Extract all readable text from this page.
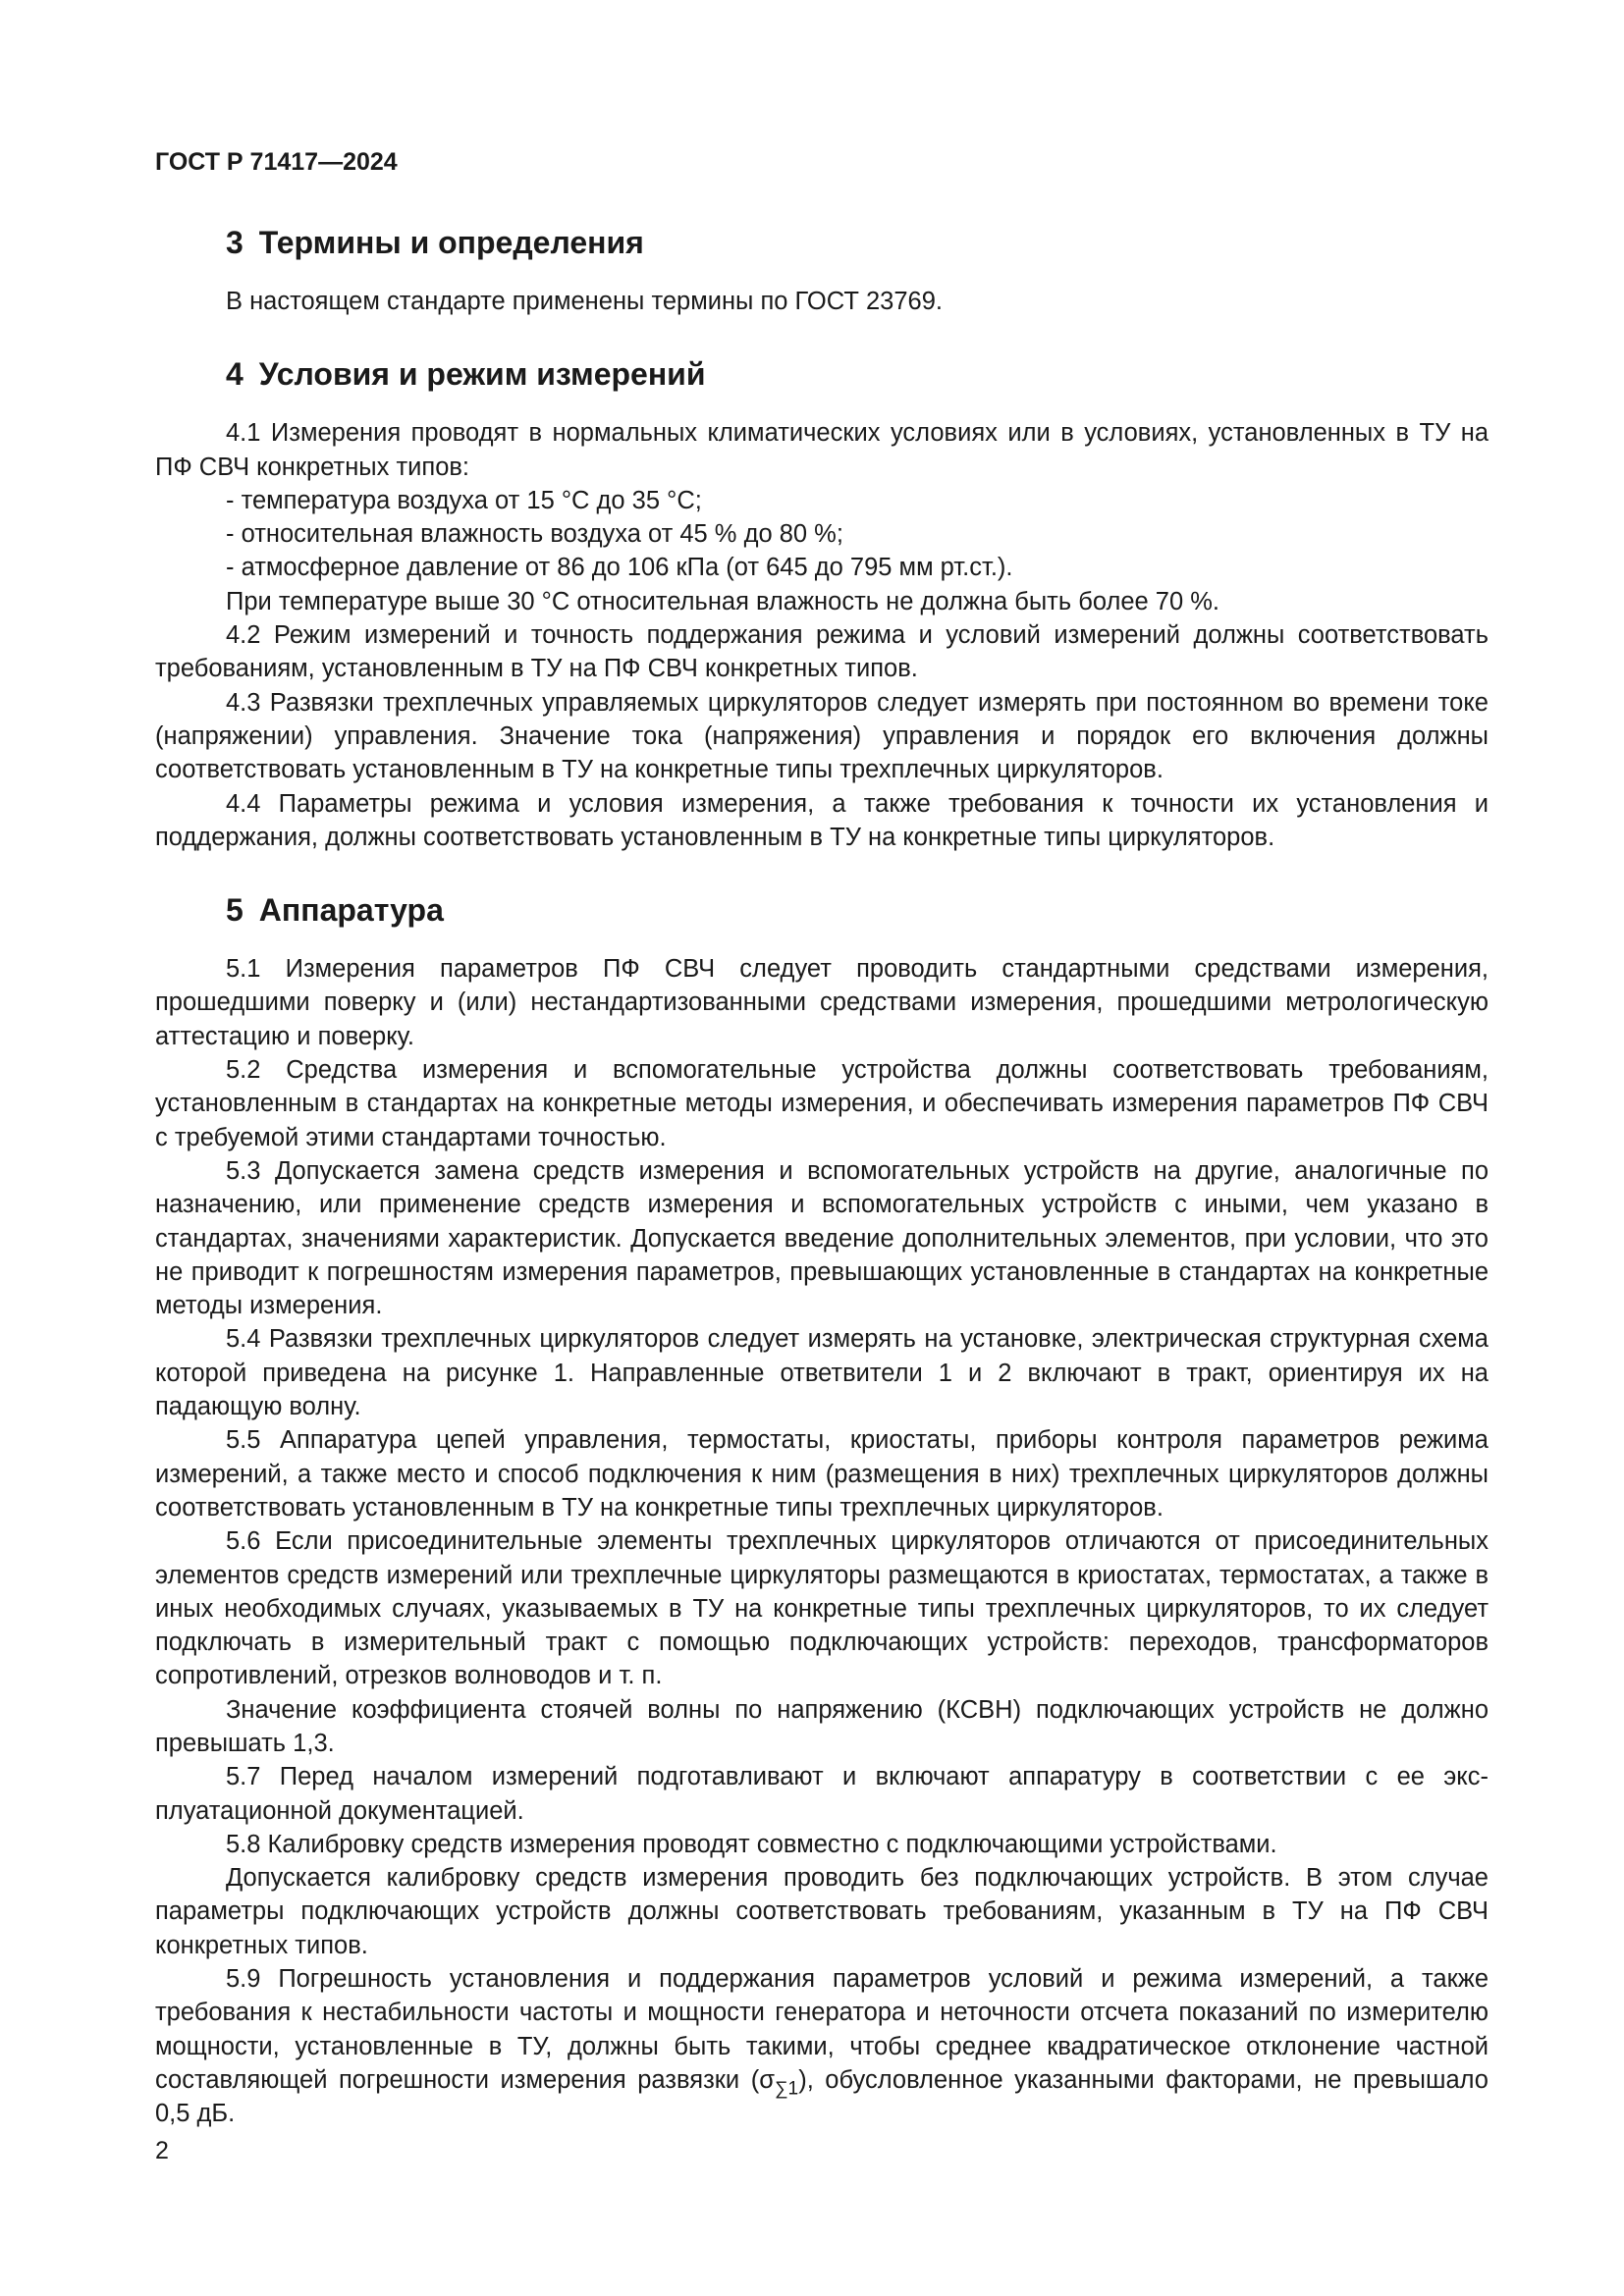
ГОСТ Р 71417—2024
3 Термины и определения

В настоящем стандарте применены термины по ГОСТ 23769.

4 Условия и режим измерений

4.1 Измерения проводят в нормальных климатических условиях или в условиях, установленных в ТУ на ПФ СВЧ конкретных типов:

- температура воздуха от 15 °С до 35 °С;

- относительная влажность воздуха от 45 % до 80 %;

- атмосферное давление от 86 до 106 кПа (от 645 до 795 мм рт.ст.).

При температуре выше 30 °С относительная влажность не должна быть более 70 %.

4.2 Режим измерений и точность поддержания режима и условий измерений должны соответствовать требованиям, установленным в ТУ на ПФ СВЧ конкретных типов.

4.3 Развязки трехплечных управляемых циркуляторов следует измерять при постоянном во времени токе (напряжении) управления. Значение тока (напряжения) управления и порядок его включения должны соответствовать установленным в ТУ на конкретные типы трехплечных циркуляторов.

4.4 Параметры режима и условия измерения, а также требования к точности их установления и поддержания, должны соответствовать установленным в ТУ на конкретные типы циркуляторов.

5 Аппаратура

5.1 Измерения параметров ПФ СВЧ следует проводить стандартными средствами измерения, прошедшими поверку и (или) нестандартизованными средствами измерения, прошедшими метрологическую аттестацию и поверку.

5.2 Средства измерения и вспомогательные устройства должны соответствовать требованиям, установленным в стандартах на конкретные методы измерения, и обеспечивать измерения параметров ПФ СВЧ с требуемой этими стандартами точностью.

5.3 Допускается замена средств измерения и вспомогательных устройств на другие, аналогичные по назначению, или применение средств измерения и вспомогательных устройств с иными, чем указано в стандартах, значениями характеристик. Допускается введение дополнительных элементов, при условии, что это не приводит к погрешностям измерения параметров, превышающих установленные в стандартах на конкретные методы измерения.

5.4 Развязки трехплечных циркуляторов следует измерять на установке, электрическая структурная схема которой приведена на рисунке 1. Направленные ответвители 1 и 2 включают в тракт, ориентируя их на падающую волну.

5.5 Аппаратура цепей управления, термостаты, криостаты, приборы контроля параметров режима измерений, а также место и способ подключения к ним (размещения в них) трехплечных циркуляторов должны соответствовать установленным в ТУ на конкретные типы трехплечных циркуляторов.

5.6 Если присоединительные элементы трехплечных циркуляторов отличаются от присоединительных элементов средств измерений или трехплечные циркуляторы размещаются в криостатах, термостатах, а также в иных необходимых случаях, указываемых в ТУ на конкретные типы трехплечных циркуляторов, то их следует подключать в измерительный тракт с помощью подключающих устройств: переходов, трансформаторов сопротивлений, отрезков волноводов и т. п.

Значение коэффициента стоячей волны по напряжению (КСВН) подключающих устройств не должно превышать 1,3.

5.7 Перед началом измерений подготавливают и включают аппаратуру в соответствии с ее эксплуатационной документацией.

5.8 Калибровку средств измерения проводят совместно с подключающими устройствами.

Допускается калибровку средств измерения проводить без подключающих устройств. В этом случае параметры подключающих устройств должны соответствовать требованиям, указанным в ТУ на ПФ СВЧ конкретных типов.

5.9 Погрешность установления и поддержания параметров условий и режима измерений, а также требования к нестабильности частоты и мощности генератора и неточности отсчета показаний по измерителю мощности, установленные в ТУ, должны быть такими, чтобы среднее квадратическое отклонение частной составляющей погрешности измерения развязки $(\sigma_{\sum 1})$, обусловленное указанными факторами, не превышало 0,5 дБ.

2
